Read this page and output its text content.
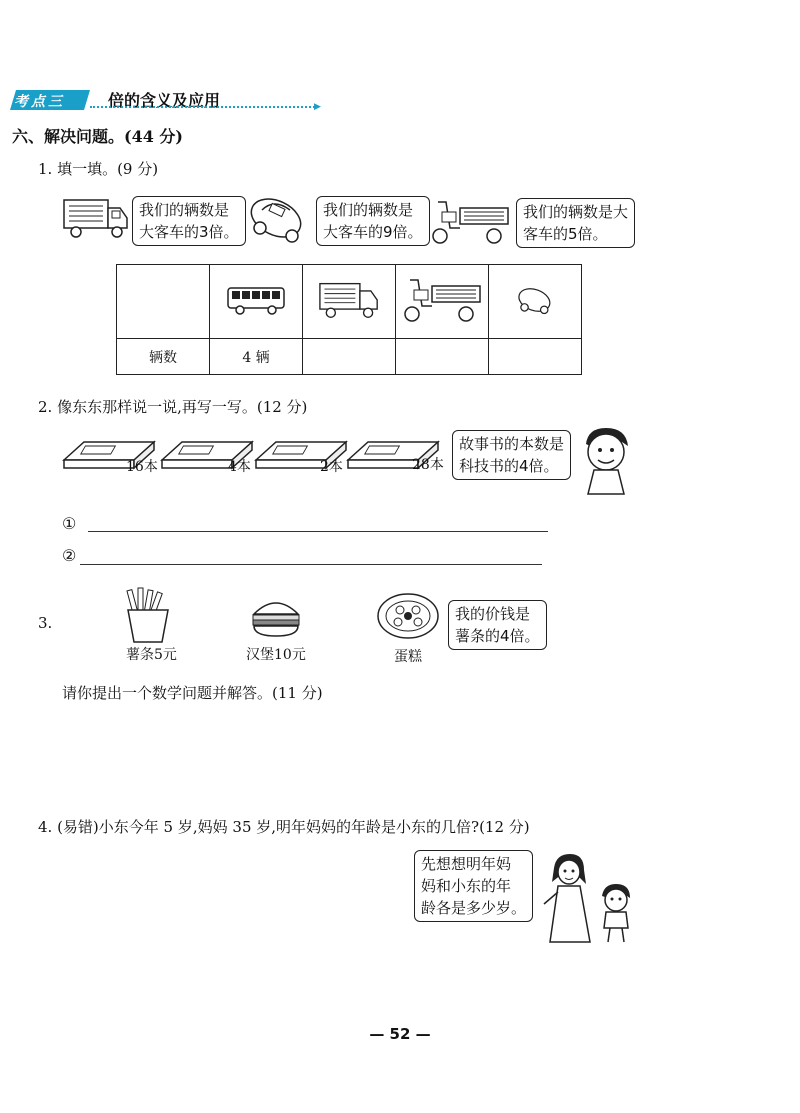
考点三	倍的含义及应用	▶
六、解决问题。(44 分)
1. 填一填。(9 分)
我们的辆数是
大客车的3倍。
我们的辆数是
大客车的9倍。
我们的辆数是大
客车的5倍。

辆数	4 辆			
2. 像东东那样说一说,再写一写。(12 分)
16本	4本	2本	28本
故事书的本数是
科技书的4倍。
①
②
3.
薯条5元	汉堡10元	蛋糕
我的价钱是
薯条的4倍。
请你提出一个数学问题并解答。(11 分)
4. (易错)小东今年 5 岁,妈妈 35 岁,明年妈妈的年龄是小东的几倍?(12 分)
先想想明年妈
妈和小东的年
龄各是多少岁。
— 52 —
